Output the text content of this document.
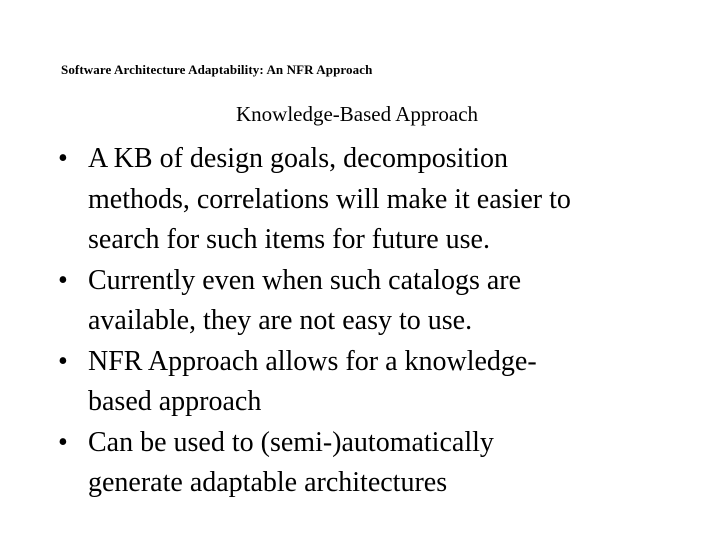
Software Architecture Adaptability: An NFR Approach
Knowledge-Based Approach
• A KB of design goals, decomposition
methods, correlations will make it easier to
search for such items for future use.
• Currently even when such catalogs are
available, they are not easy to use.
• NFR Approach allows for a knowledge-
based approach
• Can be used to (semi-)automatically
generate adaptable architectures
